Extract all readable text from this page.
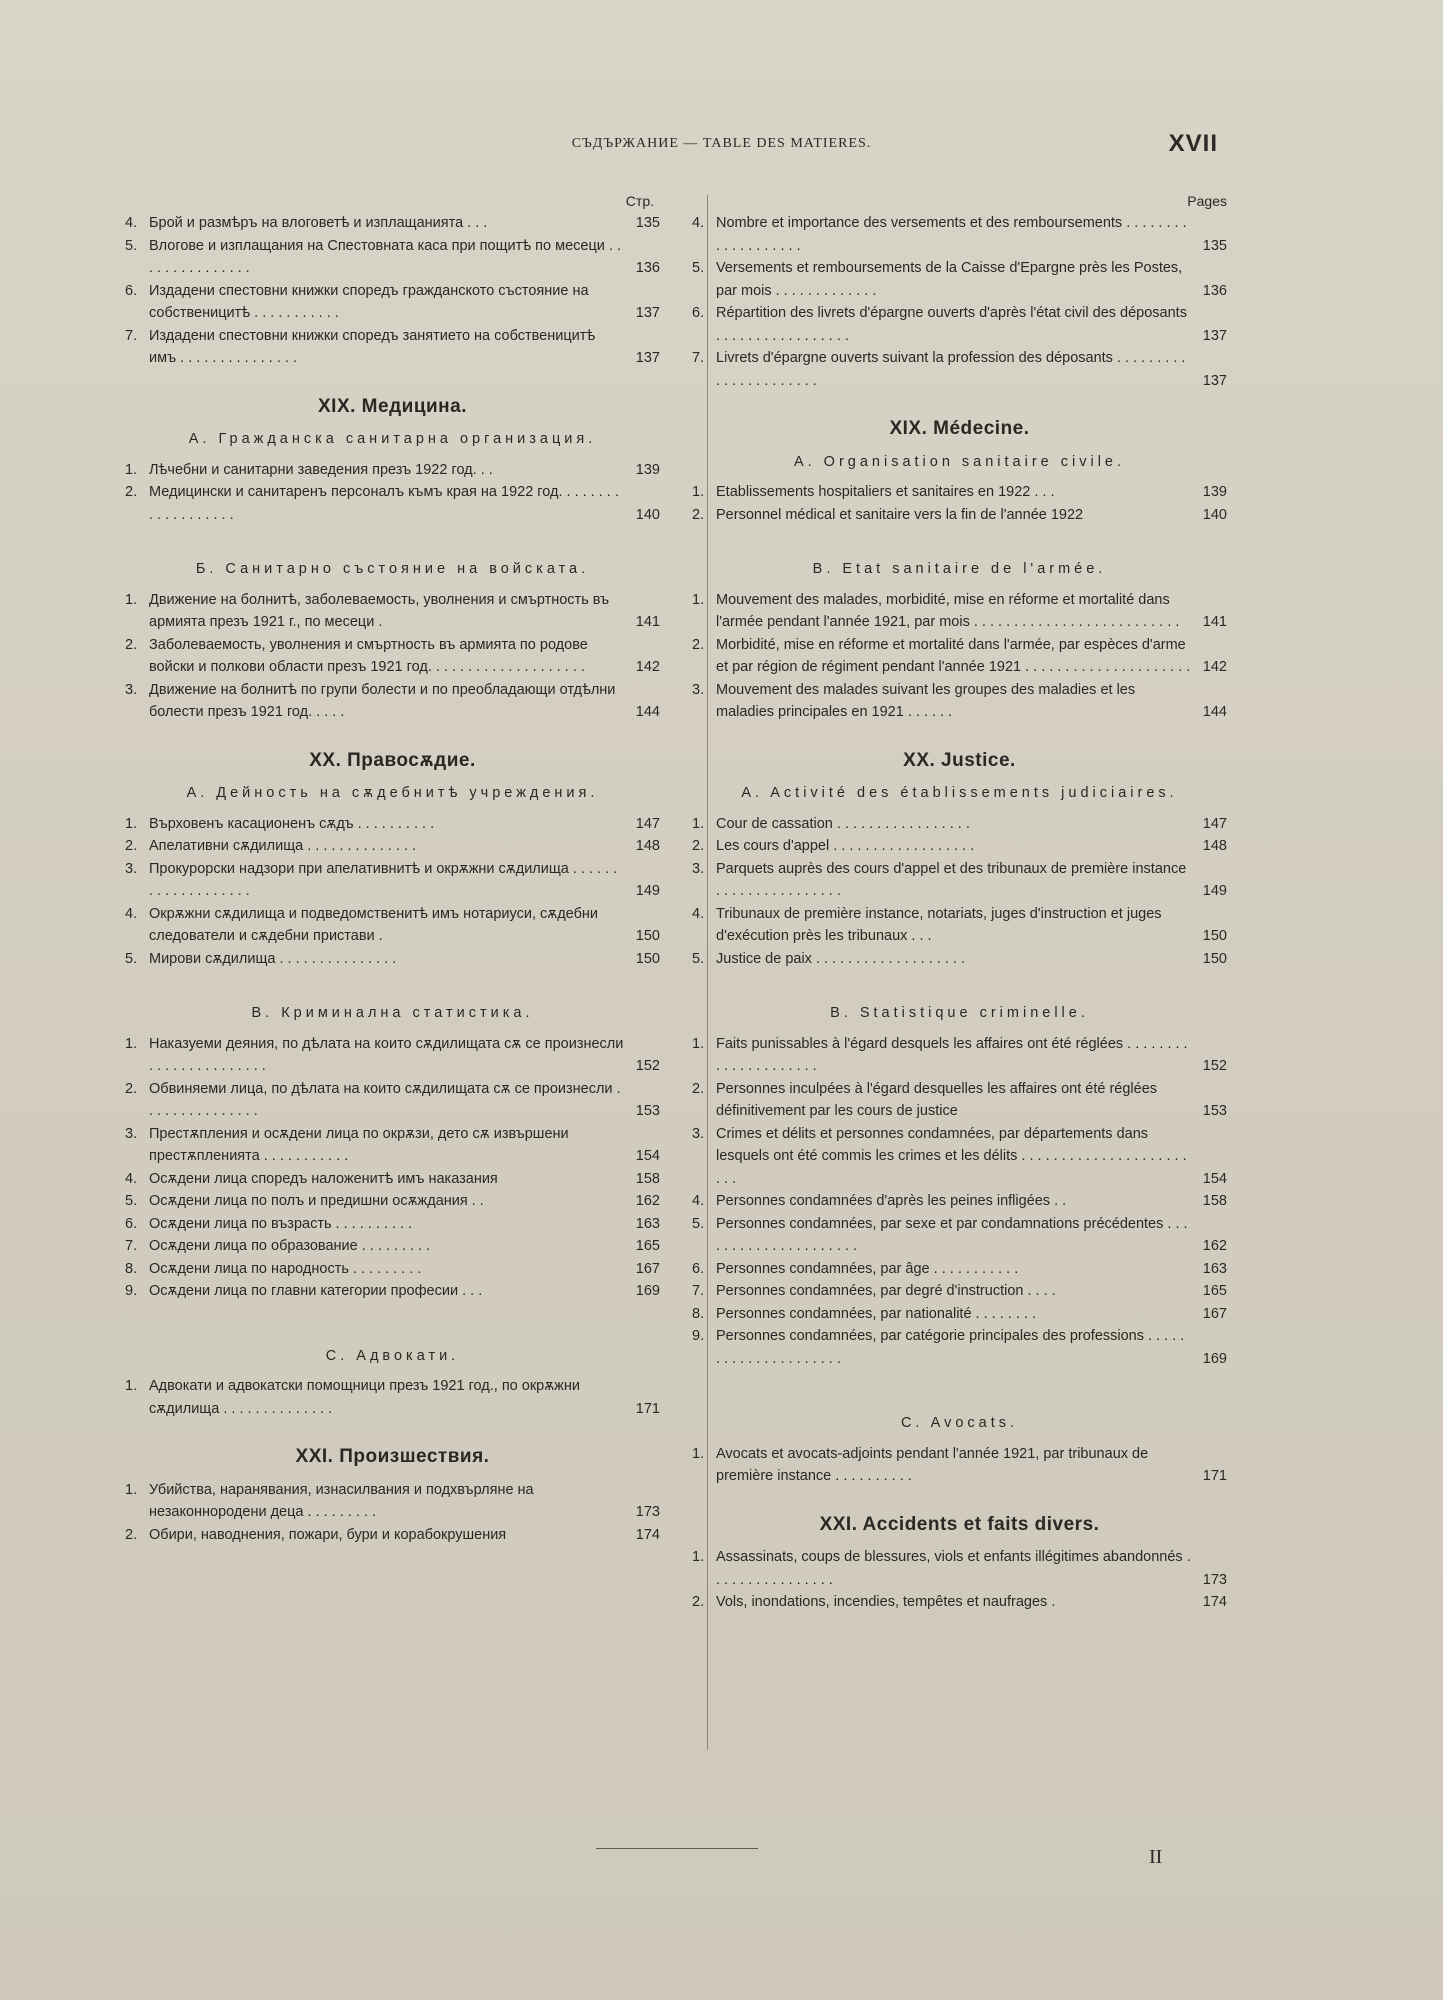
СЪДЪРЖАНИЕ — TABLE DES MATIERES.	XVII
Стр.
4. Брой и размѣръ на влоговетѣ и изплащанията . . .	135
5. Влогове и изплащания на Спестовната каса при пощитѣ по месеци . . . . . . . . . . . . . . .	136
6. Издадени спестовни книжки споредъ гражданското състояние на собственицитѣ . . . . . . . . . . .	137
7. Издадени спестовни книжки споредъ занятието на собственицитѣ имъ . . . . . . . . . . . . . . .	137
XIX. Медицина.
A. Гражданска санитарна организация.
1. Лѣчебни и санитарни заведения презъ 1922 год. . .	139
2. Медицински и санитаренъ персоналъ къмъ края на 1922 год. . . . . . . . . . . . . . . . . . .	140
Б. Санитарно състояние на войската.
1. Движение на болнитѣ, заболеваемость, уволнения и смъртность въ армията презъ 1921 г., по месеци .	141
2. Заболеваемость, уволнения и смъртность въ армията по родове войски и полкови области презъ 1921 год. . . . . . . . . . . . . . . . . . . .	142
3. Движение на болнитѣ по групи болести и по преобладающи отдѣлни болести презъ 1921 год. . . . .	144
XX. Правосѫдие.
A. Дейность на сѫдебнитѣ учреждения.
1. Върховенъ касационенъ сѫдъ . . . . . . . . . .	147
2. Апелативни сѫдилища . . . . . . . . . . . . . .	148
3. Прокурорски надзори при апелативнитѣ и окрѫжни сѫдилища . . . . . . . . . . . . . . . . . . .	149
4. Окрѫжни сѫдилища и подведомственитѣ имъ нотариуси, сѫдебни следователи и сѫдебни пристави .	150
5. Мирови сѫдилища . . . . . . . . . . . . . . .	150
B. Криминална статистика.
1. Наказуеми деяния, по дѣлата на които сѫдилищата сѫ се произнесли . . . . . . . . . . . . . . .	152
2. Обвиняеми лица, по дѣлата на които сѫдилищата сѫ се произнесли . . . . . . . . . . . . . . .	153
3. Престѫпления и осѫдени лица по окрѫзи, дето сѫ извършени престѫпленията . . . . . . . . . . .	154
4. Осѫдени лица споредъ наложенитѣ имъ наказания	158
5. Осѫдени лица по полъ и предишни осѫждания . .	162
6. Осѫдени лица по възрасть . . . . . . . . . .	163
7. Осѫдени лица по образование . . . . . . . . .	165
8. Осѫдени лица по народность . . . . . . . . .	167
9. Осѫдени лица по главни категории професии . . .	169
C. Адвокати.
1. Адвокати и адвокатски помощници презъ 1921 год., по окрѫжни сѫдилища . . . . . . . . . . . . . .	171
XXI. Произшествия.
1. Убийства, наранявания, изнасилвания и подхвърляне на незаконнородени деца . . . . . . . . .	173
2. Обири, наводнения, пожари, бури и корабокрушения	174
Pages
4. Nombre et importance des versements et des remboursements . . . . . . . . . . . . . . . . . . .	135
5. Versements et remboursements de la Caisse d'Epargne près les Postes, par mois . . . . . . . . . . . . .	136
6. Répartition des livrets d'épargne ouverts d'après l'état civil des déposants . . . . . . . . . . . . . . . . .	137
7. Livrets d'épargne ouverts suivant la profession des déposants . . . . . . . . . . . . . . . . . . . . . .	137
XIX. Médecine.
A. Organisation sanitaire civile.
1. Etablissements hospitaliers et sanitaires en 1922 . . .	139
2. Personnel médical et sanitaire vers la fin de l'année 1922	140
B. Etat sanitaire de l'armée.
1. Mouvement des malades, morbidité, mise en réforme et mortalité dans l'armée pendant l'année 1921, par mois . . . . . . . . . . . . . . . . . . . . . . . . . .	141
2. Morbidité, mise en réforme et mortalité dans l'armée, par espèces d'arme et par région de régiment pendant l'année 1921 . . . . . . . . . . . . . . . . . . . . . 142
3. Mouvement des malades suivant les groupes des maladies et les maladies principales en 1921 . . . . . .	144
XX. Justice.
A. Activité des établissements judiciaires.
1. Cour de cassation . . . . . . . . . . . . . . . . .	147
2. Les cours d'appel . . . . . . . . . . . . . . . . . .	148
3. Parquets auprès des cours d'appel et des tribunaux de première instance . . . . . . . . . . . . . . . .	149
4. Tribunaux de première instance, notariats, juges d'instruction et juges d'exécution près les tribunaux . . .	150
5. Justice de paix . . . . . . . . . . . . . . . . . . .	150
B. Statistique criminelle.
1. Faits punissables à l'égard desquels les affaires ont été réglées . . . . . . . . . . . . . . . . . . . . .	152
2. Personnes inculpées à l'égard desquelles les affaires ont été réglées définitivement par les cours de justice	153
3. Crimes et délits et personnes condamnées, par départements dans lesquels ont été commis les crimes et les délits . . . . . . . . . . . . . . . . . . . . . . . .	154
4. Personnes condamnées d'après les peines infligées . .	158
5. Personnes condamnées, par sexe et par condamnations précédentes . . . . . . . . . . . . . . . . . . . . .	162
6. Personnes condamnées, par âge . . . . . . . . . . .	163
7. Personnes condamnées, par degré d'instruction . . . .	165
8. Personnes condamnées, par nationalité . . . . . . . .	167
9. Personnes condamnées, par catégorie principales des professions . . . . . . . . . . . . . . . . . . . . .	169
C. Avocats.
1. Avocats et avocats-adjoints pendant l'année 1921, par tribunaux de première instance . . . . . . . . . .	171
XXI. Accidents et faits divers.
1. Assassinats, coups de blessures, viols et enfants illégitimes abandonnés . . . . . . . . . . . . . . . .	173
2. Vols, inondations, incendies, tempêtes et naufrages .	174
II
